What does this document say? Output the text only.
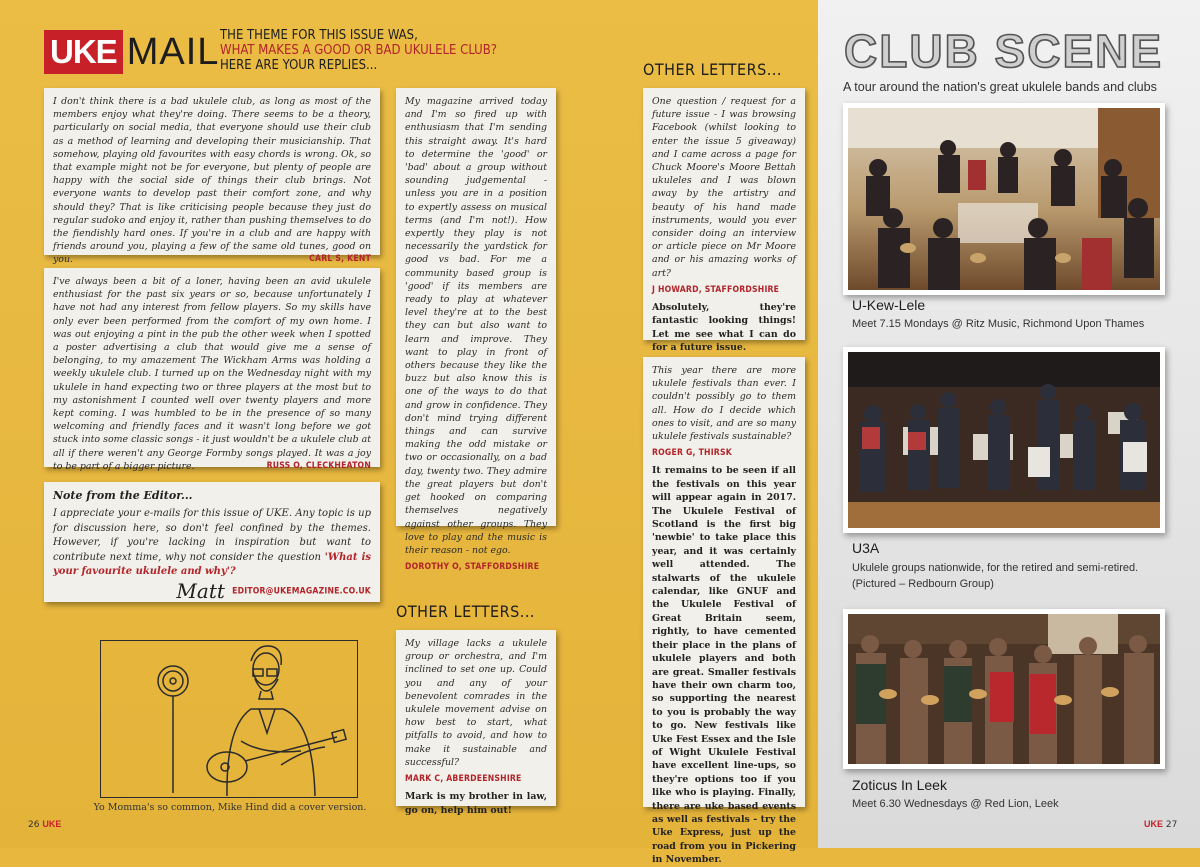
UKE MAIL THE THEME FOR THIS ISSUE WAS,
WHAT MAKES A GOOD OR BAD UKULELE CLUB?
HERE ARE YOUR REPLIES...
I don't think there is a bad ukulele club, as long as most of the members enjoy what they're doing. There seems to be a theory, particularly on social media, that everyone should use their club as a method of learning and developing their musicianship. That somehow, playing old favourites with easy chords is wrong. Ok, so that example might not be for everyone, but plenty of people are happy with the social side of things their club brings. Not everyone wants to develop past their comfort zone, and why should they? That is like criticising people because they just do regular sudoko and enjoy it, rather than pushing themselves to do the fiendishly hard ones. If you're in a club and are happy with friends around you, playing a few of the same old tunes, good on you.	CARL S, KENT
I've always been a bit of a loner, having been an avid ukulele enthusiast for the past six years or so, because unfortunately I have not had any interest from fellow players. So my skills have only ever been performed from the comfort of my own home. I was out enjoying a pint in the pub the other week when I spotted a poster advertising a club that would give me a sense of belonging, to my amazement The Wickham Arms was holding a weekly ukulele club. I turned up on the Wednesday night with my ukulele in hand expecting two or three players at the most but to my astonishment I counted well over twenty players and more kept coming. I was humbled to be in the presence of so many welcoming and friendly faces and it wasn't long before we got stuck into some classic songs - it just wouldn't be a ukulele club at all if there weren't any George Formby songs played. It was a joy to be part of a bigger picture.	RUSS O, CLECKHEATON
Note from the Editor...
I appreciate your e-mails for this issue of UKE. Any topic is up for discussion here, so don't feel confined by the themes. However, if you're lacking in inspiration but want to contribute next time, why not consider the question 'What is your favourite ukulele and why'?
Matt EDITOR@UKEMAGAZINE.CO.UK
Yo Momma's so common, Mike Hind did a cover version.
My magazine arrived today and I'm so fired up with enthusiasm that I'm sending this straight away. It's hard to determine the 'good' or 'bad' about a group without sounding judgemental - unless you are in a position to expertly assess on musical terms (and I'm not!). How expertly they play is not necessarily the yardstick for good vs bad. For me a community based group is 'good' if its members are ready to play at whatever level they're at to the best they can but also want to learn and improve. They want to play in front of others because they like the buzz but also know this is one of the ways to do that and grow in confidence. They don't mind trying different things and can survive making the odd mistake or two or occasionally, on a bad day, twenty two. They admire the great players but don't get hooked on comparing themselves negatively against other groups. They love to play and the music is their reason - not ego.
DOROTHY O, STAFFORDSHIRE
OTHER LETTERS...
My village lacks a ukulele group or orchestra, and I'm inclined to set one up. Could you and any of your benevolent comrades in the ukulele movement advise on how best to start, what pitfalls to avoid, and how to make it sustainable and successful?
MARK C, ABERDEENSHIRE
Mark is my brother in law, go on, help him out!
OTHER LETTERS...
One question / request for a future issue - I was browsing Facebook (whilst looking to enter the issue 5 giveaway) and I came across a page for Chuck Moore's Moore Bettah ukuleles and I was blown away by the artistry and beauty of his hand made instruments, would you ever consider doing an interview or article piece on Mr Moore and or his amazing works of art?
J HOWARD, STAFFORDSHIRE
Absolutely, they're fantastic looking things! Let me see what I can do for a future issue.
This year there are more ukulele festivals than ever. I couldn't possibly go to them all. How do I decide which ones to visit, and are so many ukulele festivals sustainable?
ROGER G, THIRSK
It remains to be seen if all the festivals on this year will appear again in 2017. The Ukulele Festival of Scotland is the first big 'newbie' to take place this year, and it was certainly well attended. The stalwarts of the ukulele calendar, like GNUF and the Ukulele Festival of Great Britain seem, rightly, to have cemented their place in the plans of ukulele players and both are great. Smaller festivals have their own charm too, so supporting the nearest to you is probably the way to go. New festivals like Uke Fest Essex and the Isle of Wight Ukulele Festival have excellent line-ups, so they're options too if you like who is playing. Finally, there are uke based events as well as festivals - try the Uke Express, just up the road from you in Pickering in November.
26 UKE
CLUB SCENE
A tour around the nation's great ukulele bands and clubs
U-Kew-Lele
Meet 7.15 Mondays @ Ritz Music, Richmond Upon Thames
U3A
Ukulele groups nationwide, for the retired and semi-retired.
(Pictured – Redbourn Group)
Zoticus In Leek
Meet 6.30 Wednesdays @ Red Lion, Leek
UKE 27
